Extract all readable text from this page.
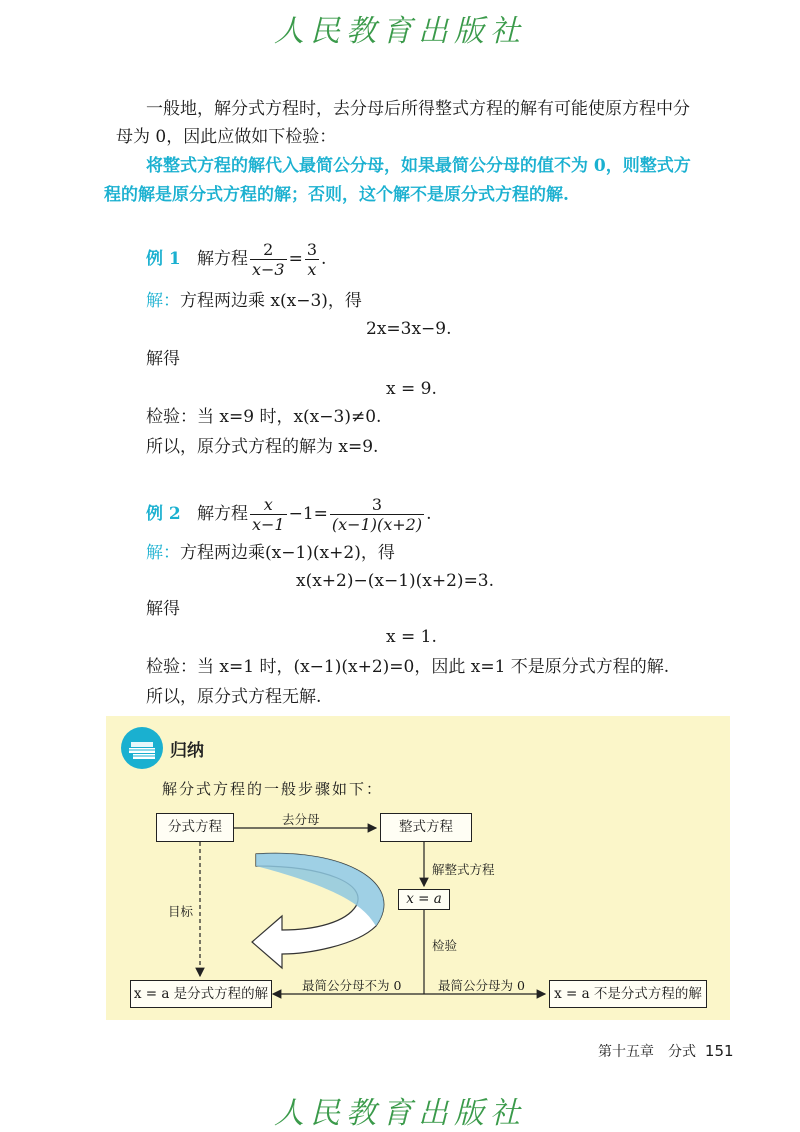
人民教育出版社
一般地，解分式方程时，去分母后所得整式方程的解有可能使原方程中分
母为 0，因此应做如下检验：
将整式方程的解代入最简公分母，如果最简公分母的值不为 0，则整式方
程的解是原分式方程的解；否则，这个解不是原分式方程的解.
例 1 解方程 $\frac{2}{x-3} = \frac{3}{x}$ .
解：方程两边乘 x(x−3)，得
2x=3x−9.
解得
x = 9.
检验：当 x=9 时，x(x−3)≠0.
所以，原分式方程的解为 x=9.
例 2 解方程 $\frac{x}{x-1} -1= \frac{3}{(x-1)(x+2)}$ .
解：方程两边乘(x−1)(x+2)，得
x(x+2)−(x−1)(x+2)=3.
解得
x = 1.
检验：当 x=1 时，(x−1)(x+2)=0，因此 x=1 不是原分式方程的解.
所以，原分式方程无解.
归纳
解分式方程的一般步骤如下：
分式方程	整式方程
x = a
x = a 是分式方程的解	x = a 不是分式方程的解
去分母
解整式方程
检验
目标
最简公分母不为 0	最简公分母为 0
第十五章　分式 151
人民教育出版社
